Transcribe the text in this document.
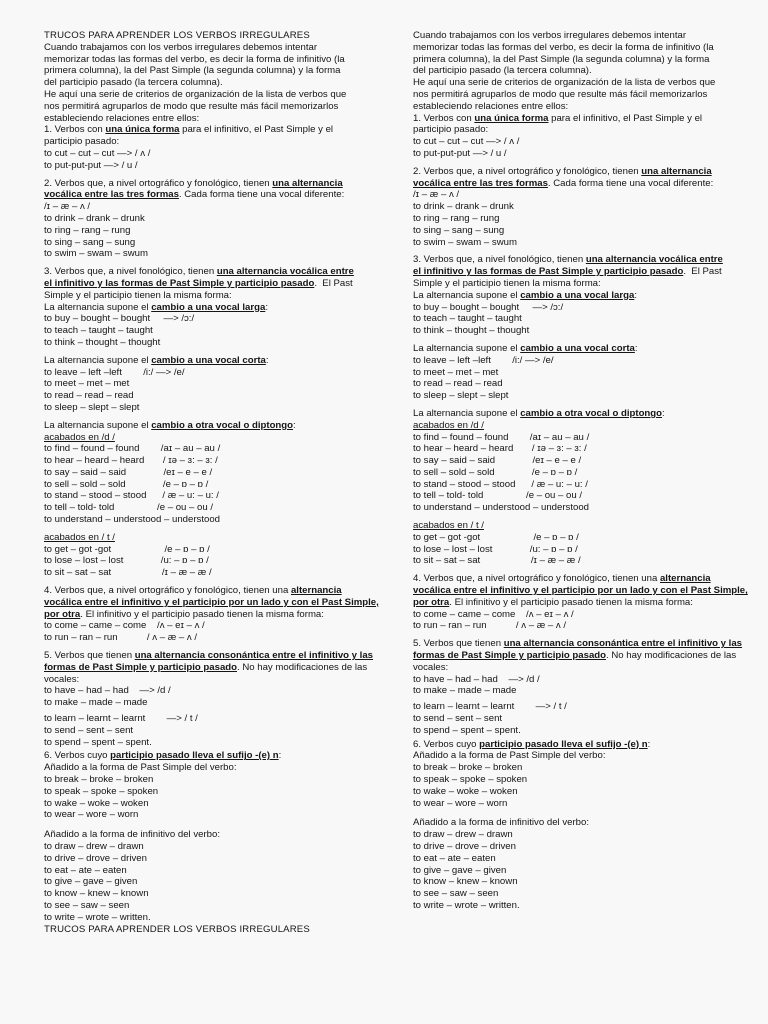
TRUCOS PARA APRENDER LOS VERBOS IRREGULARES
Cuando trabajamos con los verbos irregulares debemos intentar
memorizar todas las formas del verbo, es decir la forma de infinitivo (la
primera columna), la del Past Simple (la segunda columna) y la forma
del participio pasado (la tercera columna).
He aquí una serie de criterios de organización de la lista de verbos que
nos permitirá agruparlos de modo que resulte más fácil memorizarlos
estableciendo relaciones entre ellos:
1. Verbos con una única forma para el infinitivo, el Past Simple y el
participio pasado:
to cut – cut – cut —> / ʌ /
to put-put-put —> / u /
2. Verbos que, a nivel ortográfico y fonológico, tienen una alternancia
vocálica entre las tres formas. Cada forma tiene una vocal diferente:
/ɪ – æ – ʌ /
to drink – drank – drunk
to ring – rang – rung
to sing – sang – sung
to swim – swam – swum
3. Verbos que, a nivel fonológico, tienen una alternancia vocálica entre
el infinitivo y las formas de Past Simple y participio pasado.  El Past
Simple y el participio tienen la misma forma:
La alternancia supone el cambio a una vocal larga:
to buy – bought – bought     —> /ɔ:/
to teach – taught – taught
to think – thought – thought
La alternancia supone el cambio a una vocal corta:
to leave – left –left        /i:/ —> /e/
to meet – met – met
to read – read – read
to sleep – slept – slept
La alternancia supone el cambio a otra vocal o diptongo:
acabados en /d /
to find – found – found        /aɪ – au – au /
to hear – heard – heard       / ɪə – ɜ: – ɜ: /
to say – said – said              /eɪ – e – e /
to sell – sold – sold              /e – ɒ – ɒ /
to stand – stood – stood      / æ – u: – u: /
to tell – told- told                /e – ou – ou /
to understand – understood – understood
acabados en / t /
to get – got -got                    /e – ɒ – ɒ /
to lose – lost – lost              /u: – ɒ – ɒ /
to sit – sat – sat                   /ɪ – æ – æ /
4. Verbos que, a nivel ortográfico y fonológico, tienen una alternancia
vocálica entre el infinitivo y el participio por un lado y con el Past Simple,
por otra. El infinitivo y el participio pasado tienen la misma forma:
to come – came – come    /ʌ – eɪ – ʌ /
to run – ran – run           / ʌ – æ – ʌ /
5. Verbos que tienen una alternancia consonántica entre el infinitivo y las
formas de Past Simple y participio pasado. No hay modificaciones de las
vocales:
to have – had – had    —> /d /
to make – made – made
to learn – learnt – learnt        —> / t /
to send – sent – sent
to spend – spent – spent.
6. Verbos cuyo participio pasado lleva el sufijo -(e) n:
Añadido a la forma de Past Simple del verbo:
to break – broke – broken
to speak – spoke – spoken
to wake – woke – woken
to wear – wore – worn
Añadido a la forma de infinitivo del verbo:
to draw – drew – drawn
to drive – drove – driven
to eat – ate – eaten
to give – gave – given
to know – knew – known
to see – saw – seen
to write – wrote – written.
TRUCOS PARA APRENDER LOS VERBOS IRREGULARES
Cuando trabajamos con los verbos irregulares debemos intentar
memorizar todas las formas del verbo, es decir la forma de infinitivo (la
primera columna), la del Past Simple (la segunda columna) y la forma
del participio pasado (la tercera columna).
He aquí una serie de criterios de organización de la lista de verbos que
nos permitirá agruparlos de modo que resulte más fácil memorizarlos
estableciendo relaciones entre ellos:
1. Verbos con una única forma para el infinitivo, el Past Simple y el
participio pasado:
to cut – cut – cut —> / ʌ /
to put-put-put —> / u /
2. Verbos que, a nivel ortográfico y fonológico, tienen una alternancia
vocálica entre las tres formas. Cada forma tiene una vocal diferente:
/ɪ – æ – ʌ /
to drink – drank – drunk
to ring – rang – rung
to sing – sang – sung
to swim – swam – swum
3. Verbos que, a nivel fonológico, tienen una alternancia vocálica entre
el infinitivo y las formas de Past Simple y participio pasado.  El Past
Simple y el participio tienen la misma forma:
La alternancia supone el cambio a una vocal larga:
to buy – bought – bought     —> /ɔ:/
to teach – taught – taught
to think – thought – thought
La alternancia supone el cambio a una vocal corta:
to leave – left –left        /i:/ —> /e/
to meet – met – met
to read – read – read
to sleep – slept – slept
La alternancia supone el cambio a otra vocal o diptongo:
acabados en /d /
to find – found – found        /aɪ – au – au /
to hear – heard – heard       / ɪə – ɜ: – ɜ: /
to say – said – said              /eɪ – e – e /
to sell – sold – sold              /e – ɒ – ɒ /
to stand – stood – stood      / æ – u: – u: /
to tell – told- told                /e – ou – ou /
to understand – understood – understood
acabados en / t /
to get – got -got                    /e – ɒ – ɒ /
to lose – lost – lost              /u: – ɒ – ɒ /
to sit – sat – sat                   /ɪ – æ – æ /
4. Verbos que, a nivel ortográfico y fonológico, tienen una alternancia
vocálica entre el infinitivo y el participio por un lado y con el Past Simple,
por otra. El infinitivo y el participio pasado tienen la misma forma:
to come – came – come    /ʌ – eɪ – ʌ /
to run – ran – run           / ʌ – æ – ʌ /
5. Verbos que tienen una alternancia consonántica entre el infinitivo y las
formas de Past Simple y participio pasado. No hay modificaciones de las
vocales:
to have – had – had    —> /d /
to make – made – made
to learn – learnt – learnt        —> / t /
to send – sent – sent
to spend – spent – spent.
6. Verbos cuyo participio pasado lleva el sufijo -(e) n:
Añadido a la forma de Past Simple del verbo:
to break – broke – broken
to speak – spoke – spoken
to wake – woke – woken
to wear – wore – worn
Añadido a la forma de infinitivo del verbo:
to draw – drew – drawn
to drive – drove – driven
to eat – ate – eaten
to give – gave – given
to know – knew – known
to see – saw – seen
to write – wrote – written.
